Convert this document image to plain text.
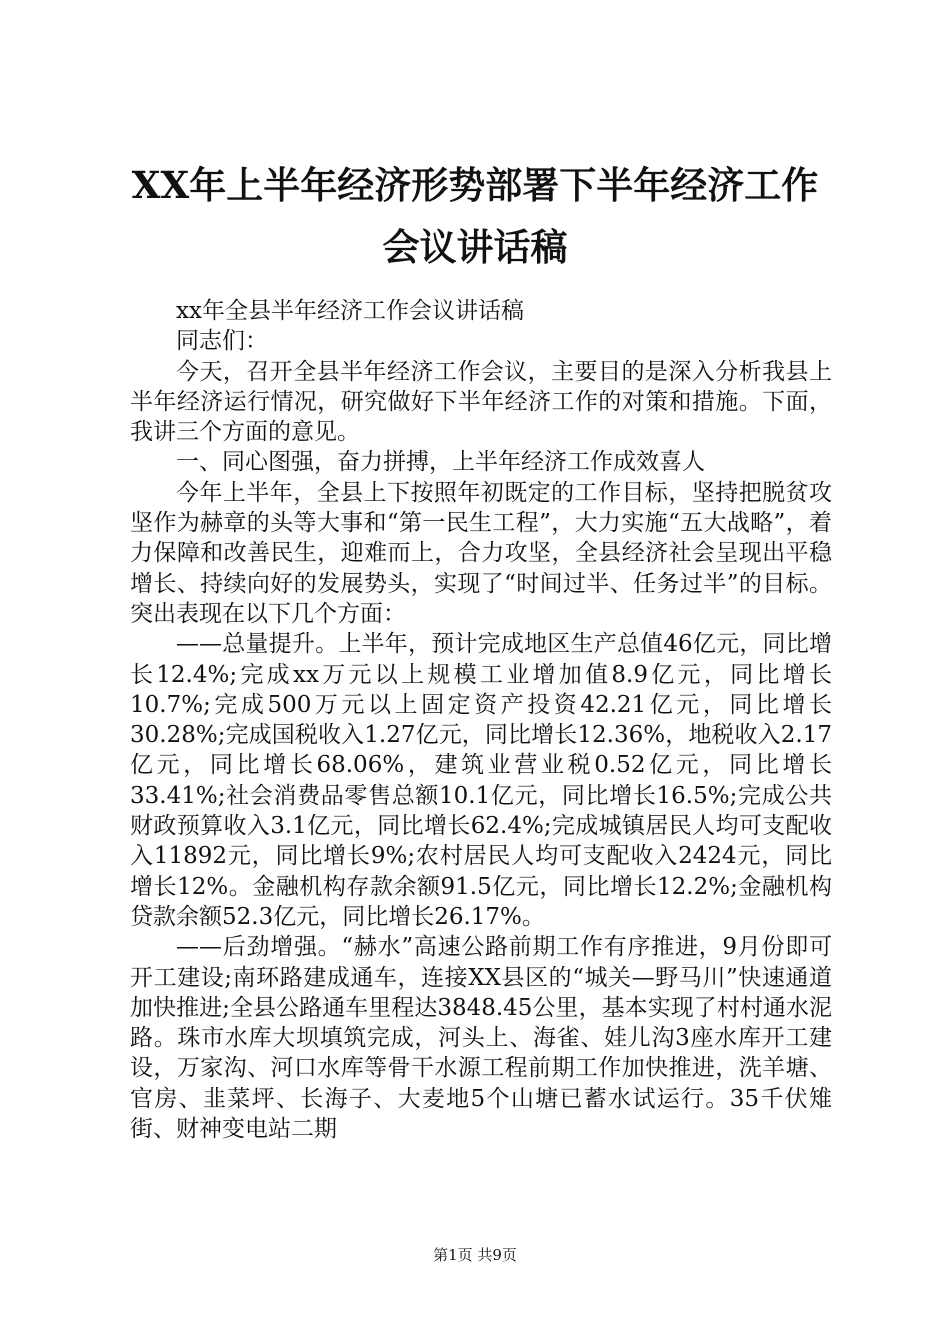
XX年上半年经济形势部署下半年经济工作会议讲话稿

xx年全县半年经济工作会议讲话稿

同志们：

今天，召开全县半年经济工作会议，主要目的是深入分析我县上半年经济运行情况，研究做好下半年经济工作的对策和措施。下面，我讲三个方面的意见。

一、同心图强，奋力拼搏，上半年经济工作成效喜人

今年上半年，全县上下按照年初既定的工作目标，坚持把脱贫攻坚作为赫章的头等大事和“第一民生工程”，大力实施“五大战略”，着力保障和改善民生，迎难而上，合力攻坚，全县经济社会呈现出平稳增长、持续向好的发展势头，实现了“时间过半、任务过半”的目标。突出表现在以下几个方面：

——总量提升。上半年，预计完成地区生产总值46亿元，同比增长12.4%;完成xx万元以上规模工业增加值8.9亿元，同比增长10.7%;完成500万元以上固定资产投资42.21亿元，同比增长30.28%;完成国税收入1.27亿元，同比增长12.36%，地税收入2.17亿元，同比增长68.06%，建筑业营业税0.52亿元，同比增长33.41%;社会消费品零售总额10.1亿元，同比增长16.5%;完成公共财政预算收入3.1亿元，同比增长62.4%;完成城镇居民人均可支配收入11892元，同比增长9%;农村居民人均可支配收入2424元，同比增长12%。金融机构存款余额91.5亿元，同比增长12.2%;金融机构贷款余额52.3亿元，同比增长26.17%。

——后劲增强。“赫水”高速公路前期工作有序推进，9月份即可开工建设;南环路建成通车，连接XX县区的“城关—野马川”快速通道加快推进;全县公路通车里程达3848.45公里，基本实现了村村通水泥路。珠市水库大坝填筑完成，河头上、海雀、娃儿沟3座水库开工建设，万家沟、河口水库等骨干水源工程前期工作加快推进，洗羊塘、官房、韭菜坪、长海子、大麦地5个山塘已蓄水试运行。35千伏雉街、财神变电站二期

第1页 共9页
